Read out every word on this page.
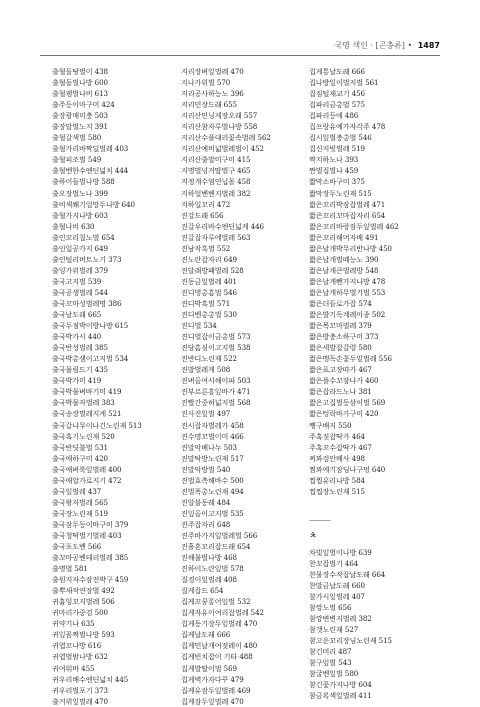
국명 색인 · [곤충류] • 1487
출혈돌땅벌이 438
출혈돌벌나방 600
출혈괭벌나비 613
출주등이마구미 424
출장광매미충 503
출장말벌노지 391
출혈갈색벌 580
출혈가리바짝딜벌레 403
출혈피조벌 549
출혈벤한수엔딘넓치 444
출하이들벌나방 588
출오장벌노나 399
출비색쐐기얼망두나방 640
출혈가지나방 603
출혈나비 630
출인꼬리칠노벌 654
출인일공가지 649
출인털리버트노기 373
출잉가위벌레 379
출국고지벌 539
출국공생벌레 544
출국꼬마성벌레명 386
출국날도래 665
출국두점박이방나방 615
출국박가시 440
출국반성벌레 385
출국박총샘이고지벌 534
출국물림드기 435
출국박가미 419
출국박물벼바기미 419
출국박물자벌레 383
출국송장벌레지게 521
출국갈나무이나긴노린재 513
출국혹기노린재 520
출국반딧불벌 531
출국애하구미 420
출국애벼룩잎벌레 400
출국애알가로지기 472
출국잎벌레 437
출국왕자벌레 565
출국장노린재 519
출국잠두등이바구미 379
출국청딱벌기벌레 403
출국포도벤 566
출꼬마공벤테리벌레 385
출명벌 581
출원지자수잠전박구 459
출뿌새작연장벌 492
귀흉잉꼬지벌레 506
귀마리가중검 500
귀약기나 635
귀잎꼼짝벌나방 593
귀엽꼬나방 616
귀엽벌밤나방 632
귀여워바 455
귀우리배수엔딘넓치 445
귀우리벌포기 373
출거위잎벌레 470
지리장벼잎벌레 470
지나가위벌 570
지리공사하능노 396
지리민장드래 655
지리산민닝게장오래 557
지리산참자루벌나방 558
지리산수풀대리꽃속벌레 562
지리산예비넓벌레벌이 452
지리산출발미구미 415
지명벌넝거딸벌구 465
지정개수염연닙몰 458
지하얼벤벤지벌레 382
지하일꼬리 472
진강도래 656
진갈우리바수엔딘넓게 446
진갈잡자루에벌레 563
진남작흑벌 552
진노란잡자리 649
진달래방패벌레 528
진동금잎벌레 401
진디명총흠벌 546
진디박흑벌 571
진디벤총총벌 530
진디벌 534
진디벌잡이금총벌 573
진당흠심이고지벌 538
진반디노린재 522
진발벌레게 508
진벼올여시해이파 503
진부르른흥잎바가 471
진빨간중허넓지벌 568
진사진잎벌 497
진시잡자벌레가 458
진수명꼬벌이미 466
진말악베나누 503
진말탁방노린재 517
진말악방벌 540
진벌효측해바수 500
진벌폭총노린재 494
진알불동레 484
진잎올이고지벌 535
진주잡자리 648
진주바가지잎벌레벌 566
진흘혼꼬리잡드래 654
진해물벌나방 468
진하이노란잎벌 578
질경이잎벌레 408
질게잡드 654
집게꼬꿍롱어잎벌 532
집게자유이여리잡벌레 542
집게동기장두잎벌레 470
집게날도래 666
집게민날개여짓레이 480
집게빈치잡이 기타 488
집게발딸이벌 569
집게벽가자다꾸 479
집게유잠두잎벌레 469
집게잠두잎벌레 470
집게통날도래 666
집나방잎이벌지벌 561
집짐털재교기 456
집파리금총벌 575
집파리등에 486
집프랑유예가자각주 478
집시잎벌충총벌 546
집신지빗벌레 519
짝지하노나 393
짠벌집벌나 459
짧막소바구미 375
짧막장두노린재 515
짧은꼬리박잠잡벌레 471
짧은꼬리꼬마잡자리 654
짧은꼬리바랑잠두잎벌레 462
짧은꼬리해머자배 491
짧은날개박무리반나방 450
짧은날개벌떼능노 390
짧은날개큰벌레방 548
짧은날개뺀가지나방 478
짧은날개하무벌기벌 553
짧은더듬로가잡 574
짧은발기독계레이종 502
짧은목꼬마벌레 379
짧은방충소하구미 373
짧은세발잡갈령 580
짧은맹독손꽃두잎벌레 556
짧은표고장따가 467
짧은플수꼬잠나가 460
짧은잡라드노나 381
짧은고집벌등삼이벌 569
짧은텅락바가구미 420
쨍구배지 550
주혹짓잡딱가 464
주혹꼬수잡딱가 467
찌꽈검안배사 498
찜꽈에기잠딩나구멍 640
찝찔유리나방 584
찝찝장노린재 515
ㅊ
차빛잎벌이나방 639
찬꼬잡벌기 464
찬물장수작잡날도래 664
찬말금날도래 660
찰가시잎벌레 407
참깡노벌 656
참깡변변지벌레 382
참갯노린재 527
참고운꼬리장님노린재 515
참긴머리 487
참구잎벌 543
참굴벤잎벌 580
참긴꽃가지나방 604
참금록색잎벌레 411
